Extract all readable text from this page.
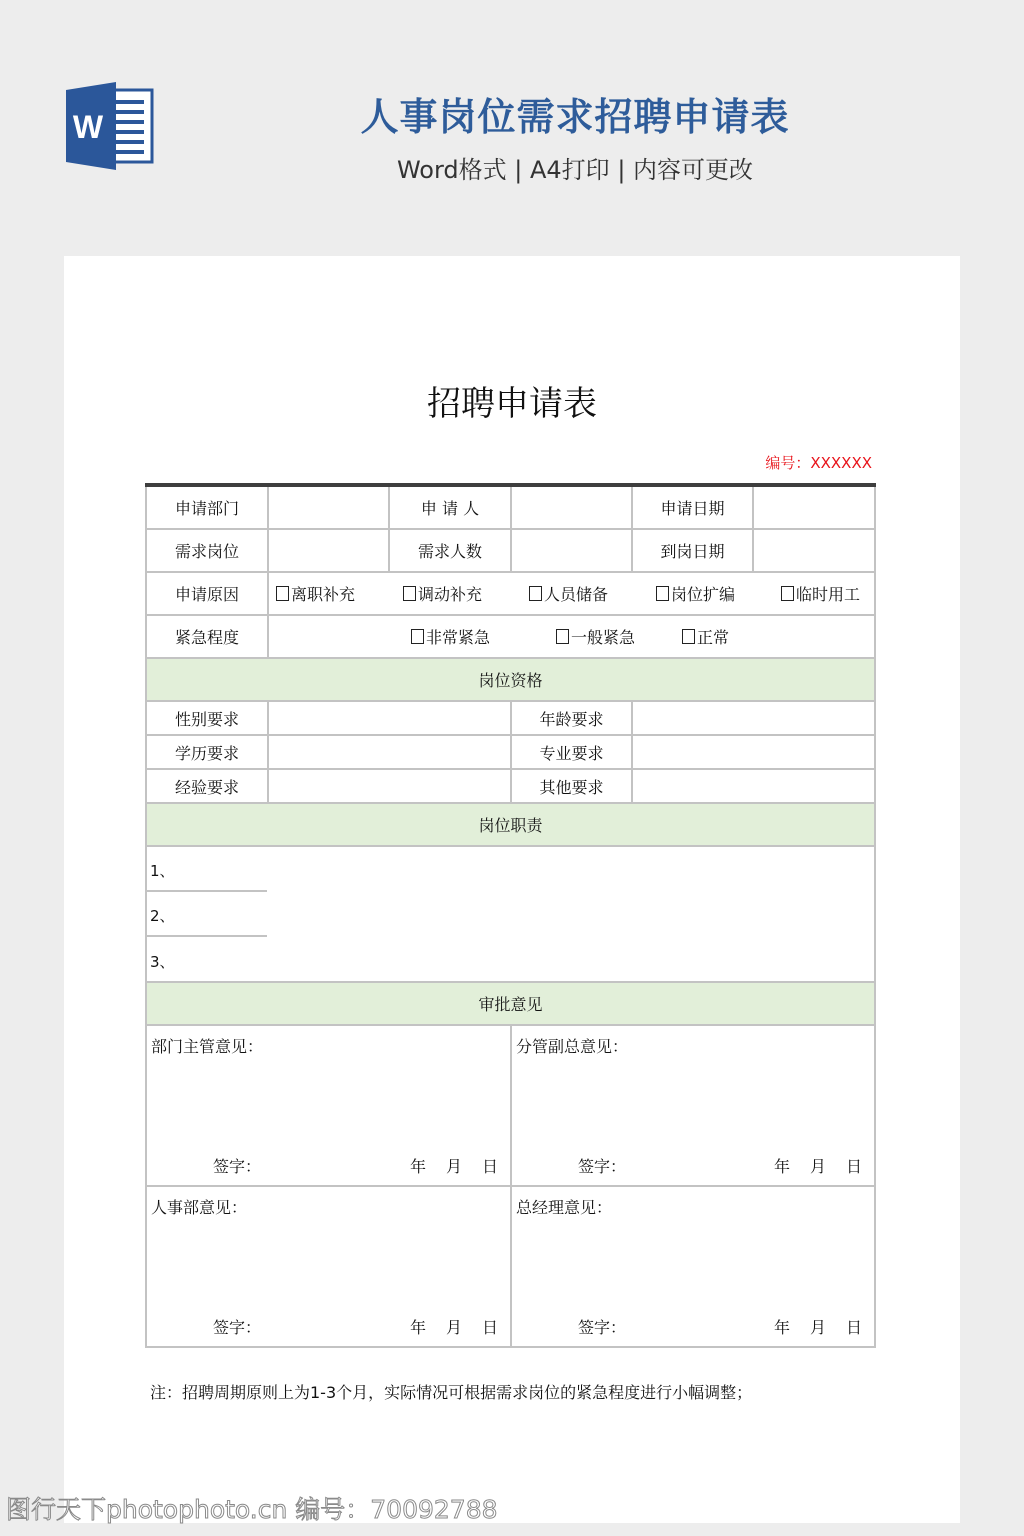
W	人事岗位需求招聘申请表
Word格式 | A4打印 | 内容可更改
招聘申请表
编号：XXXXXX
申请部门		申 请 人		申请日期	
需求岗位		需求人数		到岗日期	
申请原因	离职补充 调动补充 人员储备 岗位扩编 临时用工				
紧急程度	非常紧急 一般紧急 正常				
岗位资格					
性别要求			年龄要求		
学历要求			专业要求		
经验要求			其他要求		
岗位职责					

1、
2、
3、					

审批意见					

部门主管意见：
签字： 年 月 日			分管副总意见：
签字： 年 月 日		

人事部意见：
签字： 年 月 日			总经理意见：
签字： 年 月 日		
注：招聘周期原则上为1-3个月，实际情况可根据需求岗位的紧急程度进行小幅调整；
图行天下photophoto.cn 编号：70092788
